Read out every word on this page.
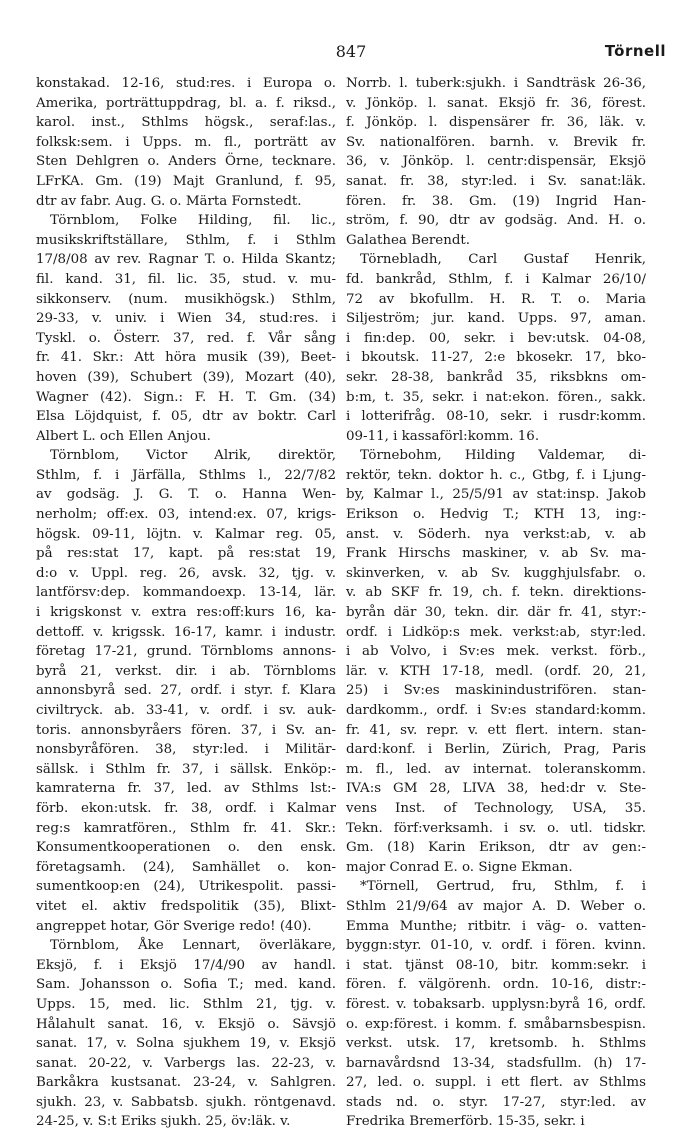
847	Törnell
konstakad. 12-16, stud:res. i Europa o.
Amerika, porträttuppdrag, bl. a. f. riksd.,
karol. inst., Sthlms högsk., seraf:las.,
folksk:sem. i Upps. m. fl., porträtt av
Sten Dehlgren o. Anders Örne, tecknare.
LFrKA. Gm. (19) Majt Granlund, f. 95,
dtr av fabr. Aug. G. o. Märta Fornstedt.
Törnblom, Folke Hilding, fil. lic.,
musikskriftställare, Sthlm, f. i Sthlm
17/8/08 av rev. Ragnar T. o. Hilda Skantz;
fil. kand. 31, fil. lic. 35, stud. v. mu-
sikkonserv. (num. musikhögsk.) Sthlm,
29-33, v. univ. i Wien 34, stud:res. i
Tyskl. o. Österr. 37, red. f. Vår sång
fr. 41. Skr.: Att höra musik (39), Beet-
hoven (39), Schubert (39), Mozart (40),
Wagner (42). Sign.: F. H. T. Gm. (34)
Elsa Löjdquist, f. 05, dtr av boktr. Carl
Albert L. och Ellen Anjou.
Törnblom, Victor Alrik, direktör,
Sthlm, f. i Järfälla, Sthlms l., 22/7/82
av godsäg. J. G. T. o. Hanna Wen-
nerholm; off:ex. 03, intend:ex. 07, krigs-
högsk. 09-11, löjtn. v. Kalmar reg. 05,
på res:stat 17, kapt. på res:stat 19,
d:o v. Uppl. reg. 26, avsk. 32, tjg. v.
lantförsv:dep. kommandoexp. 13-14, lär.
i krigskonst v. extra res:off:kurs 16, ka-
dettoff. v. krigssk. 16-17, kamr. i industr.
företag 17-21, grund. Törnbloms annons-
byrå 21, verkst. dir. i ab. Törnbloms
annonsbyrå sed. 27, ordf. i styr. f. Klara
civiltryck. ab. 33-41, v. ordf. i sv. auk-
toris. annonsbyråers fören. 37, i Sv. an-
nonsbyråfören. 38, styr:led. i Militär-
sällsk. i Sthlm fr. 37, i sällsk. Enköp:-
kamraterna fr. 37, led. av Sthlms lst:-
förb. ekon:utsk. fr. 38, ordf. i Kalmar
reg:s kamratfören., Sthlm fr. 41. Skr.:
Konsumentkooperationen o. den ensk.
företagsamh. (24), Samhället o. kon-
sumentkoop:en (24), Utrikespolit. passi-
vitet el. aktiv fredspolitik (35), Blixt-
angreppet hotar, Gör Sverige redo! (40).
Törnblom, Åke Lennart, överläkare,
Eksjö, f. i Eksjö 17/4/90 av handl.
Sam. Johansson o. Sofia T.; med. kand.
Upps. 15, med. lic. Sthlm 21, tjg. v.
Hålahult sanat. 16, v. Eksjö o. Sävsjö
sanat. 17, v. Solna sjukhem 19, v. Eksjö
sanat. 20-22, v. Varbergs las. 22-23, v.
Barkåkra kustsanat. 23-24, v. Sahlgren.
sjukh. 23, v. Sabbatsb. sjukh. röntgenavd.
24-25, v. S:t Eriks sjukh. 25, öv:läk. v.
Norrb. l. tuberk:sjukh. i Sandträsk 26-36,
v. Jönköp. l. sanat. Eksjö fr. 36, förest.
f. Jönköp. l. dispensärer fr. 36, läk. v.
Sv. nationalfören. barnh. v. Brevik fr.
36, v. Jönköp. l. centr:dispensär, Eksjö
sanat. fr. 38, styr:led. i Sv. sanat:läk.
fören. fr. 38. Gm. (19) Ingrid Han-
ström, f. 90, dtr av godsäg. And. H. o.
Galathea Berendt.
Törnebladh, Carl Gustaf Henrik,
fd. bankråd, Sthlm, f. i Kalmar 26/10/
72 av bkofullm. H. R. T. o. Maria
Siljeström; jur. kand. Upps. 97, aman.
i fin:dep. 00, sekr. i bev:utsk. 04-08,
i bkoutsk. 11-27, 2:e bkosekr. 17, bko-
sekr. 28-38, bankråd 35, riksbkns om-
b:m, t. 35, sekr. i nat:ekon. fören., sakk.
i lotterifråg. 08-10, sekr. i rusdr:komm.
09-11, i kassaförl:komm. 16.
Törnebohm, Hilding Valdemar, di-
rektör, tekn. doktor h. c., Gtbg, f. i Ljung-
by, Kalmar l., 25/5/91 av stat:insp. Jakob
Erikson o. Hedvig T.; KTH 13, ing:-
anst. v. Söderh. nya verkst:ab, v. ab
Frank Hirschs maskiner, v. ab Sv. ma-
skinverken, v. ab Sv. kugghjulsfabr. o.
v. ab SKF fr. 19, ch. f. tekn. direktions-
byrån där 30, tekn. dir. där fr. 41, styr:-
ordf. i Lidköp:s mek. verkst:ab, styr:led.
i ab Volvo, i Sv:es mek. verkst. förb.,
lär. v. KTH 17-18, medl. (ordf. 20, 21,
25) i Sv:es maskinindustrifören. stan-
dardkomm., ordf. i Sv:es standard:komm.
fr. 41, sv. repr. v. ett flert. intern. stan-
dard:konf. i Berlin, Zürich, Prag, Paris
m. fl., led. av internat. toleranskomm.
IVA:s GM 28, LIVA 38, hed:dr v. Ste-
vens Inst. of Technology, USA, 35.
Tekn. förf:verksamh. i sv. o. utl. tidskr.
Gm. (18) Karin Erikson, dtr av gen:-
major Conrad E. o. Signe Ekman.
*Törnell, Gertrud, fru, Sthlm, f. i
Sthlm 21/9/64 av major A. D. Weber o.
Emma Munthe; ritbitr. i väg- o. vatten-
byggn:styr. 01-10, v. ordf. i fören. kvinn.
i stat. tjänst 08-10, bitr. komm:sekr. i
fören. f. välgörenh. ordn. 10-16, distr:-
förest. v. tobaksarb. upplysn:byrå 16, ordf.
o. exp:förest. i komm. f. småbarnsbespisn.
verkst. utsk. 17, kretsomb. h. Sthlms
barnavårdsnd 13-34, stadsfullm. (h) 17-
27, led. o. suppl. i ett flert. av Sthlms
stads nd. o. styr. 17-27, styr:led. av
Fredrika Bremerförb. 15-35, sekr. i
